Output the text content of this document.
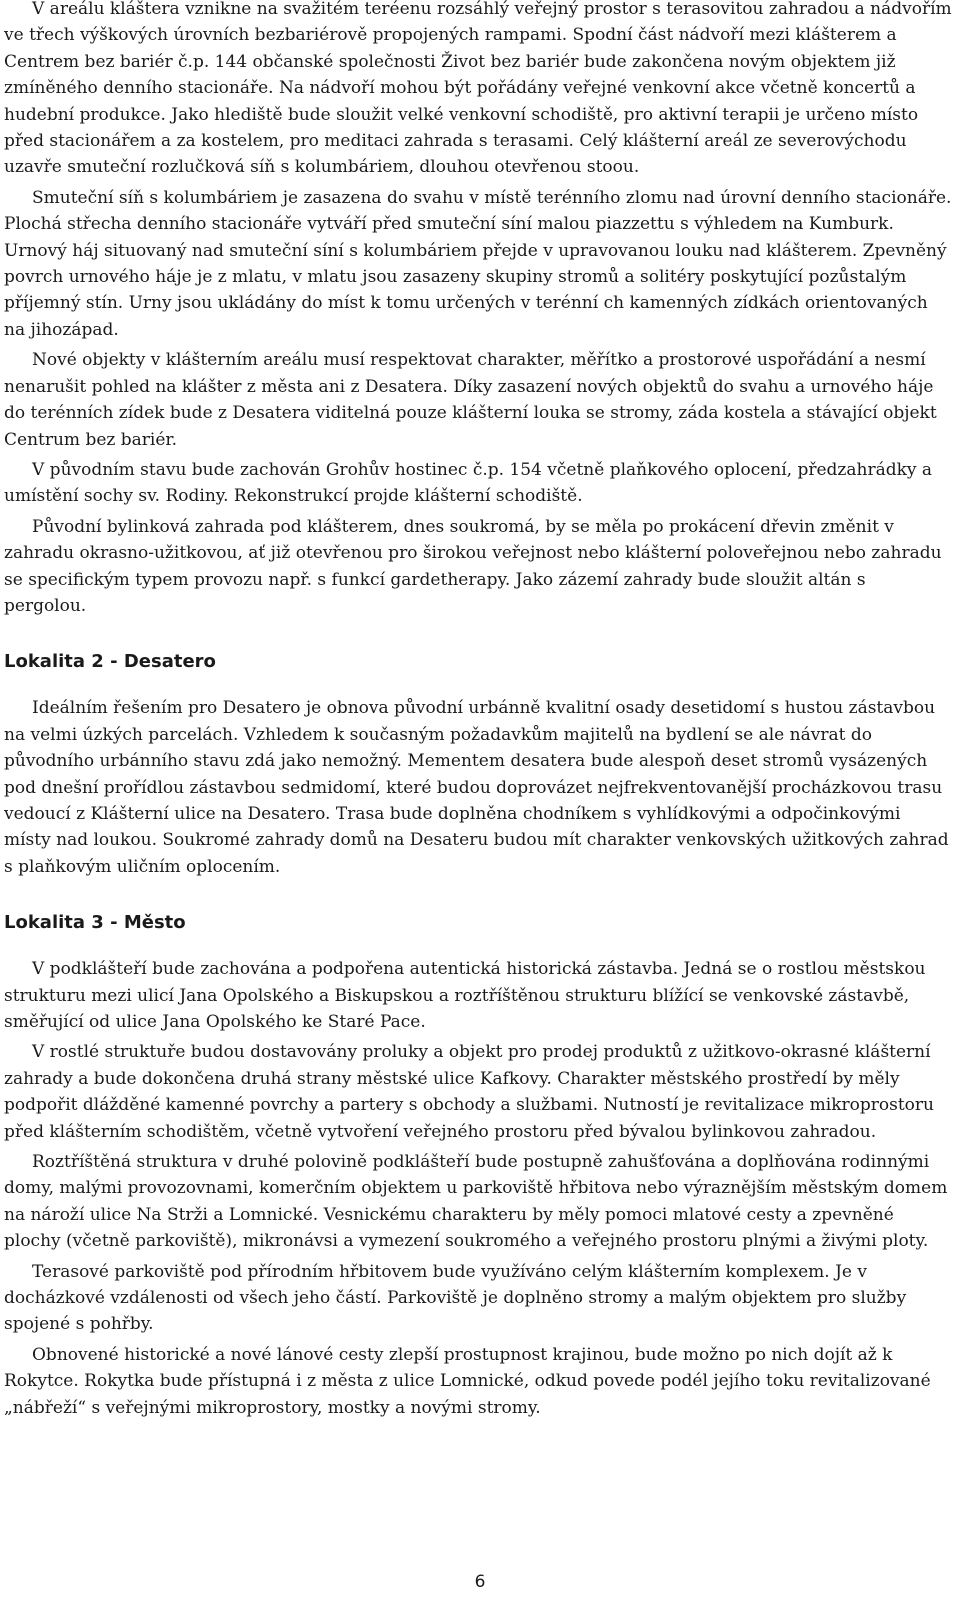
V areálu kláštera vznikne na svažitém teréenu rozsáhlý veřejný prostor s terasovitou zahradou a nádvořím ve třech výškových úrovních bezbariérově propojených rampami. Spodní část nádvoří mezi klášterem a Centrem bez bariér č.p. 144 občanské společnosti Život bez bariér bude zakončena novým objektem již zmíněného denního stacionáře. Na nádvoří mohou být pořádány veřejné venkovní akce včetně koncertů a hudební produkce. Jako hlediště bude sloužit velké venkovní schodiště, pro aktivní terapii je určeno místo před stacionářem a za kostelem, pro meditaci zahrada s terasami. Celý klášterní areál ze severovýchodu uzavře smuteční rozlučková síň s kolumbáriem, dlouhou otevřenou stoou.

Smuteční síň s kolumbáriem je zasazena do svahu v místě terénního zlomu nad úrovní denního stacionáře. Plochá střecha denního stacionáře vytváří před smuteční síní malou piazzettu s výhledem na Kumburk. Urnový háj situovaný nad smuteční síní s kolumbáriem přejde v upravovanou louku nad klášterem. Zpevněný povrch urnového háje je z mlatu, v mlatu jsou zasazeny skupiny stromů a solitéry poskytující pozůstalým příjemný stín. Urny jsou ukládány do míst k tomu určených v terénní ch kamenných zídkách orientovaných na jihozápad.

Nové objekty v klášterním areálu musí respektovat charakter, měřítko a prostorové uspořádání a nesmí nenarušit pohled na klášter z města ani z Desatera. Díky zasazení nových objektů do svahu a urnového háje do terénních zídek bude z Desatera viditelná pouze klášterní louka se stromy, záda kostela a stávající objekt Centrum bez bariér.

V původním stavu bude zachován Grohův hostinec č.p. 154 včetně plaňkového oplocení, předzahrádky a umístění sochy sv. Rodiny. Rekonstrukcí projde klášterní schodiště.

Původní bylinková zahrada pod klášterem, dnes soukromá, by se měla po prokácení dřevin změnit v zahradu okrasno-užitkovou, ať již otevřenou pro širokou veřejnost nebo klášterní poloveřejnou nebo zahradu se specifickým typem provozu např. s funkcí gardetherapy. Jako zázemí zahrady bude sloužit altán s pergolou.

Lokalita 2 - Desatero

Ideálním řešením pro Desatero je obnova původní urbánně kvalitní osady desetidomí s hustou zástavbou na velmi úzkých parcelách. Vzhledem k současným požadavkům majitelů na bydlení se ale návrat do původního urbánního stavu zdá jako nemožný. Mementem desatera bude alespoň deset stromů vysázených pod dnešní prořídlou zástavbou sedmidomí, které budou doprovázet nejfrekventovanější procházkovou trasu vedoucí z Klášterní ulice na Desatero. Trasa bude doplněna chodníkem s vyhlídkovými a odpočinkovými místy nad loukou. Soukromé zahrady domů na Desateru budou mít charakter venkovských užitkových zahrad s plaňkovým uličním oplocením.

Lokalita 3 - Město

V podklášteří bude zachována a podpořena autentická historická zástavba. Jedná se o rostlou městskou strukturu mezi ulicí Jana Opolského a Biskupskou a roztříštěnou strukturu blížící se venkovské zástavbě, směřující od ulice Jana Opolského ke Staré Pace.

V rostlé struktuře budou dostavovány proluky a objekt pro prodej produktů z užitkovo-okrasné klášterní zahrady a bude dokončena druhá strany městské ulice Kafkovy. Charakter městského prostředí by měly podpořit dlážděné kamenné povrchy a partery s obchody a službami. Nutností je revitalizace mikroprostoru před klášterním schodištěm, včetně vytvoření veřejného prostoru před bývalou bylinkovou zahradou.

Roztříštěná struktura v druhé polovině podklášteří bude postupně zahušťována a doplňována rodinnými domy, malými provozovnami, komerčním objektem u parkoviště hřbitova nebo výraznějším městským domem na nároží ulice Na Strži a Lomnické. Vesnickému charakteru by měly pomoci mlatové cesty a zpevněné plochy (včetně parkoviště), mikronávsi a vymezení soukromého a veřejného prostoru plnými a živými ploty.

Terasové parkoviště pod přírodním hřbitovem bude využíváno celým klášterním komplexem. Je v docházkové vzdálenosti od všech jeho částí. Parkoviště je doplněno stromy a malým objektem pro služby spojené s pohřby.

Obnovené historické a nové lánové cesty zlepší prostupnost krajinou, bude možno po nich dojít až k Rokytce. Rokytka bude přístupná i z města z ulice Lomnické, odkud povede podél jejího toku revitalizované „nábřeží“ s veřejnými mikroprostory, mostky a novými stromy.

6
